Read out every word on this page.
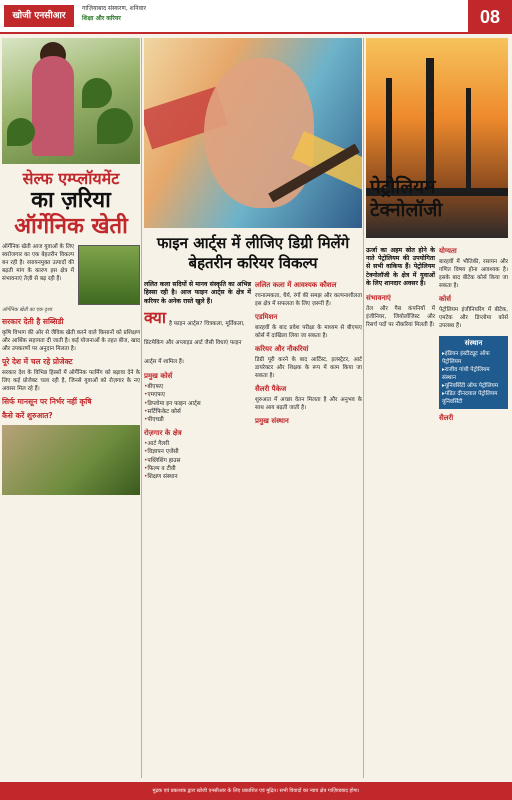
खोजी एनसीआर
गाज़ियाबाद संस्करण, शनिवार
शिक्षा और करियर	08
सेल्फ एम्प्लॉयमेंट
का ज़रिया
ऑर्गेनिक खेती
ऑर्गेनिक खेती आज युवाओं के लिए स्वरोजगार का एक बेहतरीन विकल्प बन रही है। रसायनमुक्त उत्पादों की बढ़ती मांग के कारण इस क्षेत्र में संभावनाएं तेज़ी से बढ़ रही हैं।
ऑर्गेनिक खेती का एक दृश्य
सरकार देती है सब्सिडी
कृषि विभाग की ओर से जैविक खेती करने वाले किसानों को प्रशिक्षण और आर्थिक सहायता दी जाती है। कई योजनाओं के तहत बीज, खाद और उपकरणों पर अनुदान मिलता है।
पूरे देश में चल रहे प्रोजेक्ट
सरकार देश के विभिन्न हिस्सों में ऑर्गेनिक फार्मिंग को बढ़ावा देने के लिए कई प्रोजेक्ट चला रही है, जिनसे युवाओं को रोज़गार के नए अवसर मिल रहे हैं।
सिर्फ मानसून पर निर्भर नहीं कृषि
कैसे करें शुरुआत?
फाइन आर्ट्स में लीजिए डिग्री मिलेंगे बेहतरीन करियर विकल्प
ललित कला सदियों से मानव संस्कृति का अभिन्न हिस्सा रही है। आज फाइन आर्ट्स के क्षेत्र में करियर के अनेक रास्ते खुले हैं।
क्या है फाइन आर्ट्स? चित्रकला, मूर्तिकला, प्रिंटमेकिंग और अप्लाइड आर्ट जैसी विधाएं फाइन आर्ट्स में शामिल हैं।
प्रमुख कोर्स
• बीएफए
• एमएफए
• डिप्लोमा इन फाइन आर्ट्स
• सर्टिफिकेट कोर्स
• पीएचडी
रोज़गार के क्षेत्र
• आर्ट गैलरी
• विज्ञापन एजेंसी
• पब्लिशिंग हाउस
• फिल्म व टीवी
• शिक्षण संस्थान
ललित कला में आवश्यक कौशल
रचनात्मकता, धैर्य, रंगों की समझ और कल्पनाशीलता इस क्षेत्र में सफलता के लिए ज़रूरी हैं।
एडमिशन
बारहवीं के बाद प्रवेश परीक्षा के माध्यम से बीएफए कोर्स में दाखिला लिया जा सकता है।
करियर और नौकरियां
डिग्री पूरी करने के बाद आर्टिस्ट, इलस्ट्रेटर, आर्ट डायरेक्टर और शिक्षक के रूप में काम किया जा सकता है।
सैलरी पैकेज
शुरुआत में अच्छा वेतन मिलता है और अनुभव के साथ आय बढ़ती जाती है।
प्रमुख संस्थान
पेट्रोलियम टेक्नोलॉजी
ऊर्जा का अहम स्रोत होने के नाते पेट्रोलियम की उपयोगिता से सभी वाकिफ हैं। पेट्रोलियम टेक्नोलॉजी के क्षेत्र में युवाओं के लिए शानदार अवसर हैं।
संभावनाएं
तेल और गैस कंपनियों में इंजीनियर, जियोलॉजिस्ट और रिसर्च पदों पर नौकरियां मिलती हैं।
योग्यता
बारहवीं में भौतिकी, रसायन और गणित विषय होना आवश्यक है। इसके बाद बीटेक कोर्स किया जा सकता है।
कोर्स
पेट्रोलियम इंजीनियरिंग में बीटेक, एमटेक और डिप्लोमा कोर्स उपलब्ध हैं।
संस्थान
▸ इंडियन इंस्टीट्यूट ऑफ पेट्रोलियम
▸ राजीव गांधी पेट्रोलियम संस्थान
▸ यूनिवर्सिटी ऑफ पेट्रोलियम
▸ पंडित दीनदयाल पेट्रोलियम यूनिवर्सिटी
सैलरी
मुद्रक एवं प्रकाशक द्वारा खोजी एनसीआर के लिए प्रकाशित एवं मुद्रित। सभी विवादों का न्याय क्षेत्र गाज़ियाबाद होगा।
